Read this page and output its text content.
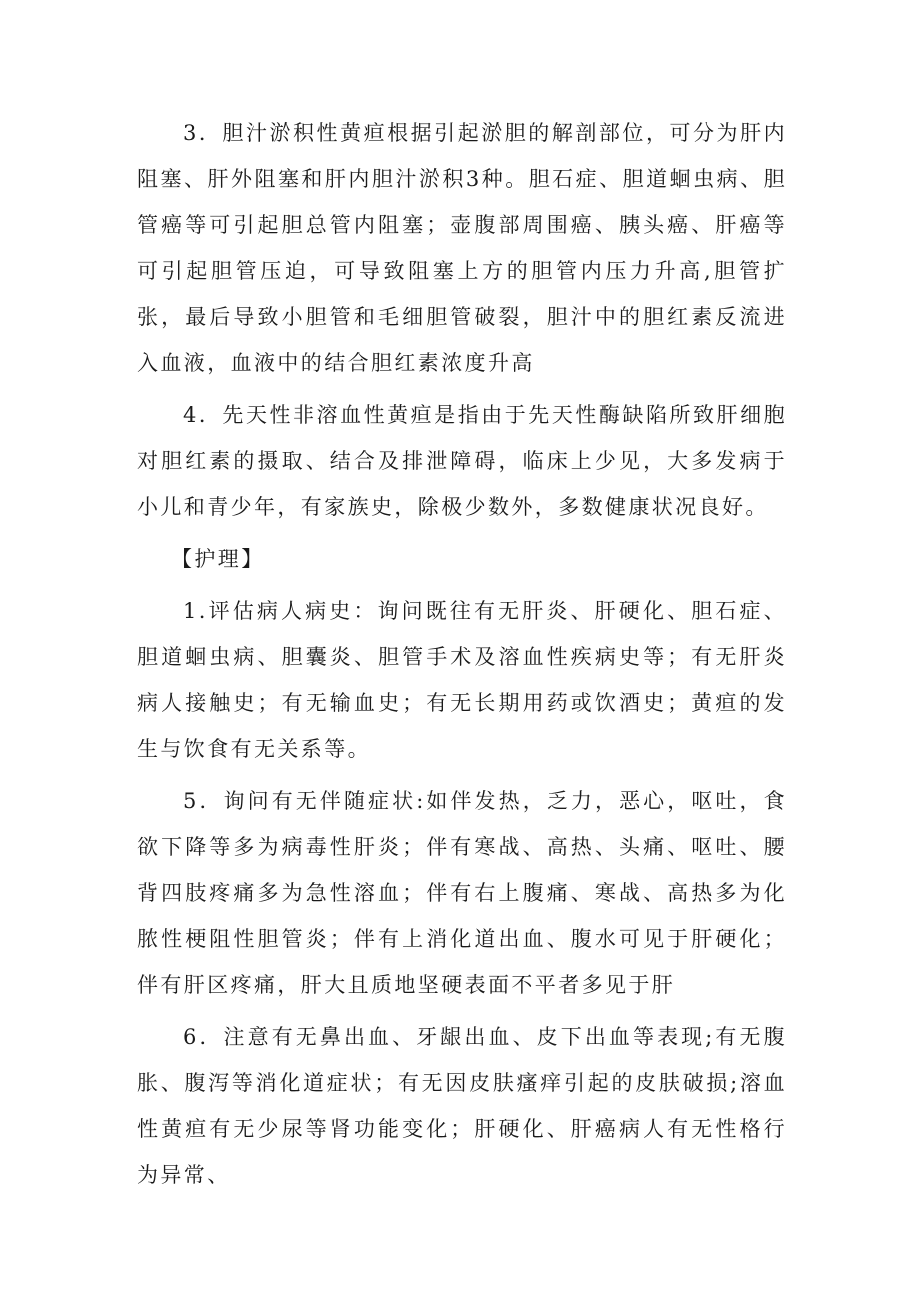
3．胆汁淤积性黄疸根据引起淤胆的解剖部位，可分为肝内阻塞、肝外阻塞和肝内胆汁淤积3种。胆石症、胆道蛔虫病、胆管癌等可引起胆总管内阻塞；壶腹部周围癌、胰头癌、肝癌等可引起胆管压迫，可导致阻塞上方的胆管内压力升高,胆管扩张，最后导致小胆管和毛细胆管破裂，胆汁中的胆红素反流进入血液，血液中的结合胆红素浓度升高

4．先天性非溶血性黄疸是指由于先天性酶缺陷所致肝细胞对胆红素的摄取、结合及排泄障碍，临床上少见，大多发病于小儿和青少年，有家族史，除极少数外，多数健康状况良好。

【护理】

1.评估病人病史：询问既往有无肝炎、肝硬化、胆石症、胆道蛔虫病、胆囊炎、胆管手术及溶血性疾病史等；有无肝炎病人接触史；有无输血史；有无长期用药或饮酒史；黄疸的发生与饮食有无关系等。

5．询问有无伴随症状:如伴发热，乏力，恶心，呕吐，食欲下降等多为病毒性肝炎；伴有寒战、高热、头痛、呕吐、腰背四肢疼痛多为急性溶血；伴有右上腹痛、寒战、高热多为化脓性梗阻性胆管炎；伴有上消化道出血、腹水可见于肝硬化；伴有肝区疼痛，肝大且质地坚硬表面不平者多见于肝

6．注意有无鼻出血、牙龈出血、皮下出血等表现;有无腹胀、腹泻等消化道症状；有无因皮肤瘙痒引起的皮肤破损;溶血性黄疸有无少尿等肾功能变化；肝硬化、肝癌病人有无性格行为异常、
